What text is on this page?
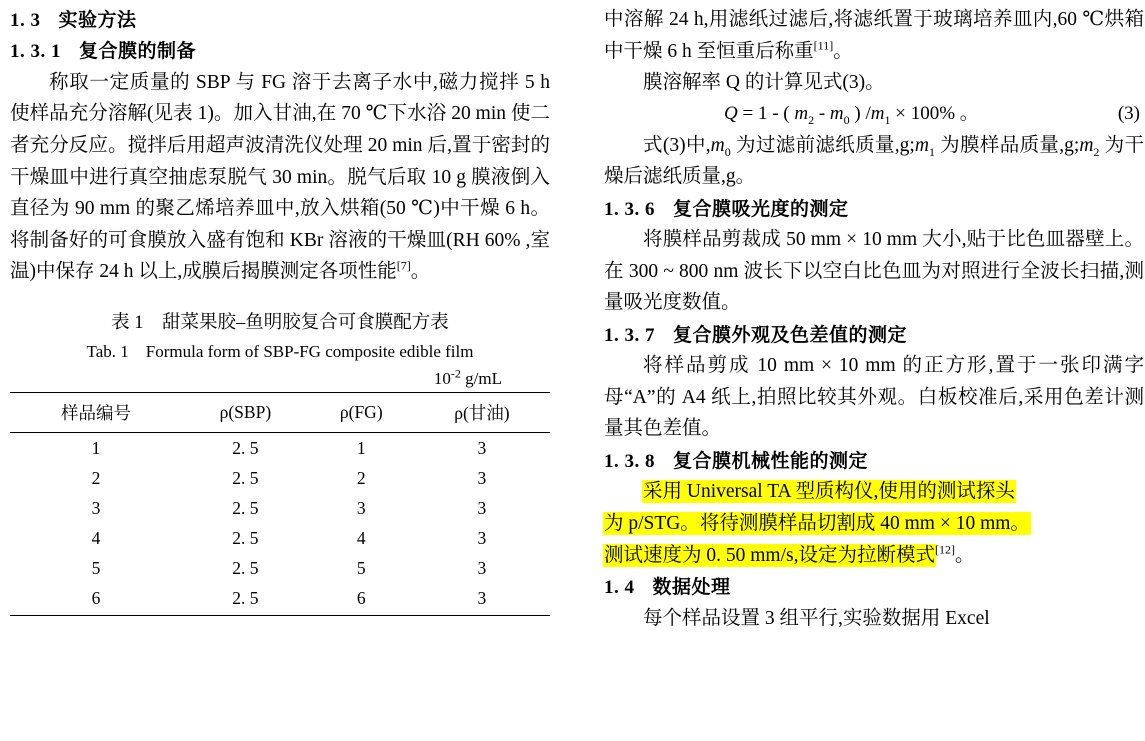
1. 3 实验方法
1. 3. 1 复合膜的制备

称取一定质量的 SBP 与 FG 溶于去离子水中,磁力搅拌 5 h 使样品充分溶解(见表 1)。加入甘油,在 70 ℃下水浴 20 min 使二者充分反应。搅拌后用超声波清洗仪处理 20 min 后,置于密封的干燥皿中进行真空抽虑泵脱气 30 min。脱气后取 10 g 膜液倒入直径为 90 mm 的聚乙烯培养皿中,放入烘箱(50 ℃)中干燥 6 h。将制备好的可食膜放入盛有饱和 KBr 溶液的干燥皿(RH 60% ,室温)中保存 24 h 以上,成膜后揭膜测定各项性能[7]。

表 1　甜菜果胶–鱼明胶复合可食膜配方表
Tab. 1　Formula form of SBP-FG composite edible film
$10^{-2}$ g/mL
样品编号	ρ(SBP)	ρ(FG)	ρ(甘油)
1	2. 5	1	3
2	2. 5	2	3
3	2. 5	3	3
4	2. 5	4	3
5	2. 5	5	3
6	2. 5	6	3

中溶解 24 h,用滤纸过滤后,将滤纸置于玻璃培养皿内,60 ℃烘箱中干燥 6 h 至恒重后称重[11]。

膜溶解率 Q 的计算见式(3)。

Q = 1 - ( $m_2 - m_0$ ) $/m_1 \times 100\%$ 。	(3)

式(3)中$,m_0$ 为过滤前滤纸质量$,g;m_1$ 为膜样品质量$,g;m_2$ 为干燥后滤纸质量,g。

1. 3. 6 复合膜吸光度的测定

将膜样品剪裁成 50 mm × 10 mm 大小,贴于比色皿器壁上。在 300 ~ 800 nm 波长下以空白比色皿为对照进行全波长扫描,测量吸光度数值。

1. 3. 7 复合膜外观及色差值的测定

将样品剪成 10 mm × 10 mm 的正方形,置于一张印满字母“A”的 A4 纸上,拍照比较其外观。白板校准后,采用色差计测量其色差值。

1. 3. 8 复合膜机械性能的测定

采用 Universal TA 型质构仪,使用的测试探头
为 p/STG。将待测膜样品切割成 40 mm × 10 mm。
测试速度为 0. 50 mm/s,设定为拉断模式[12]。

1. 4 数据处理

每个样品设置 3 组平行,实验数据用 Excel
